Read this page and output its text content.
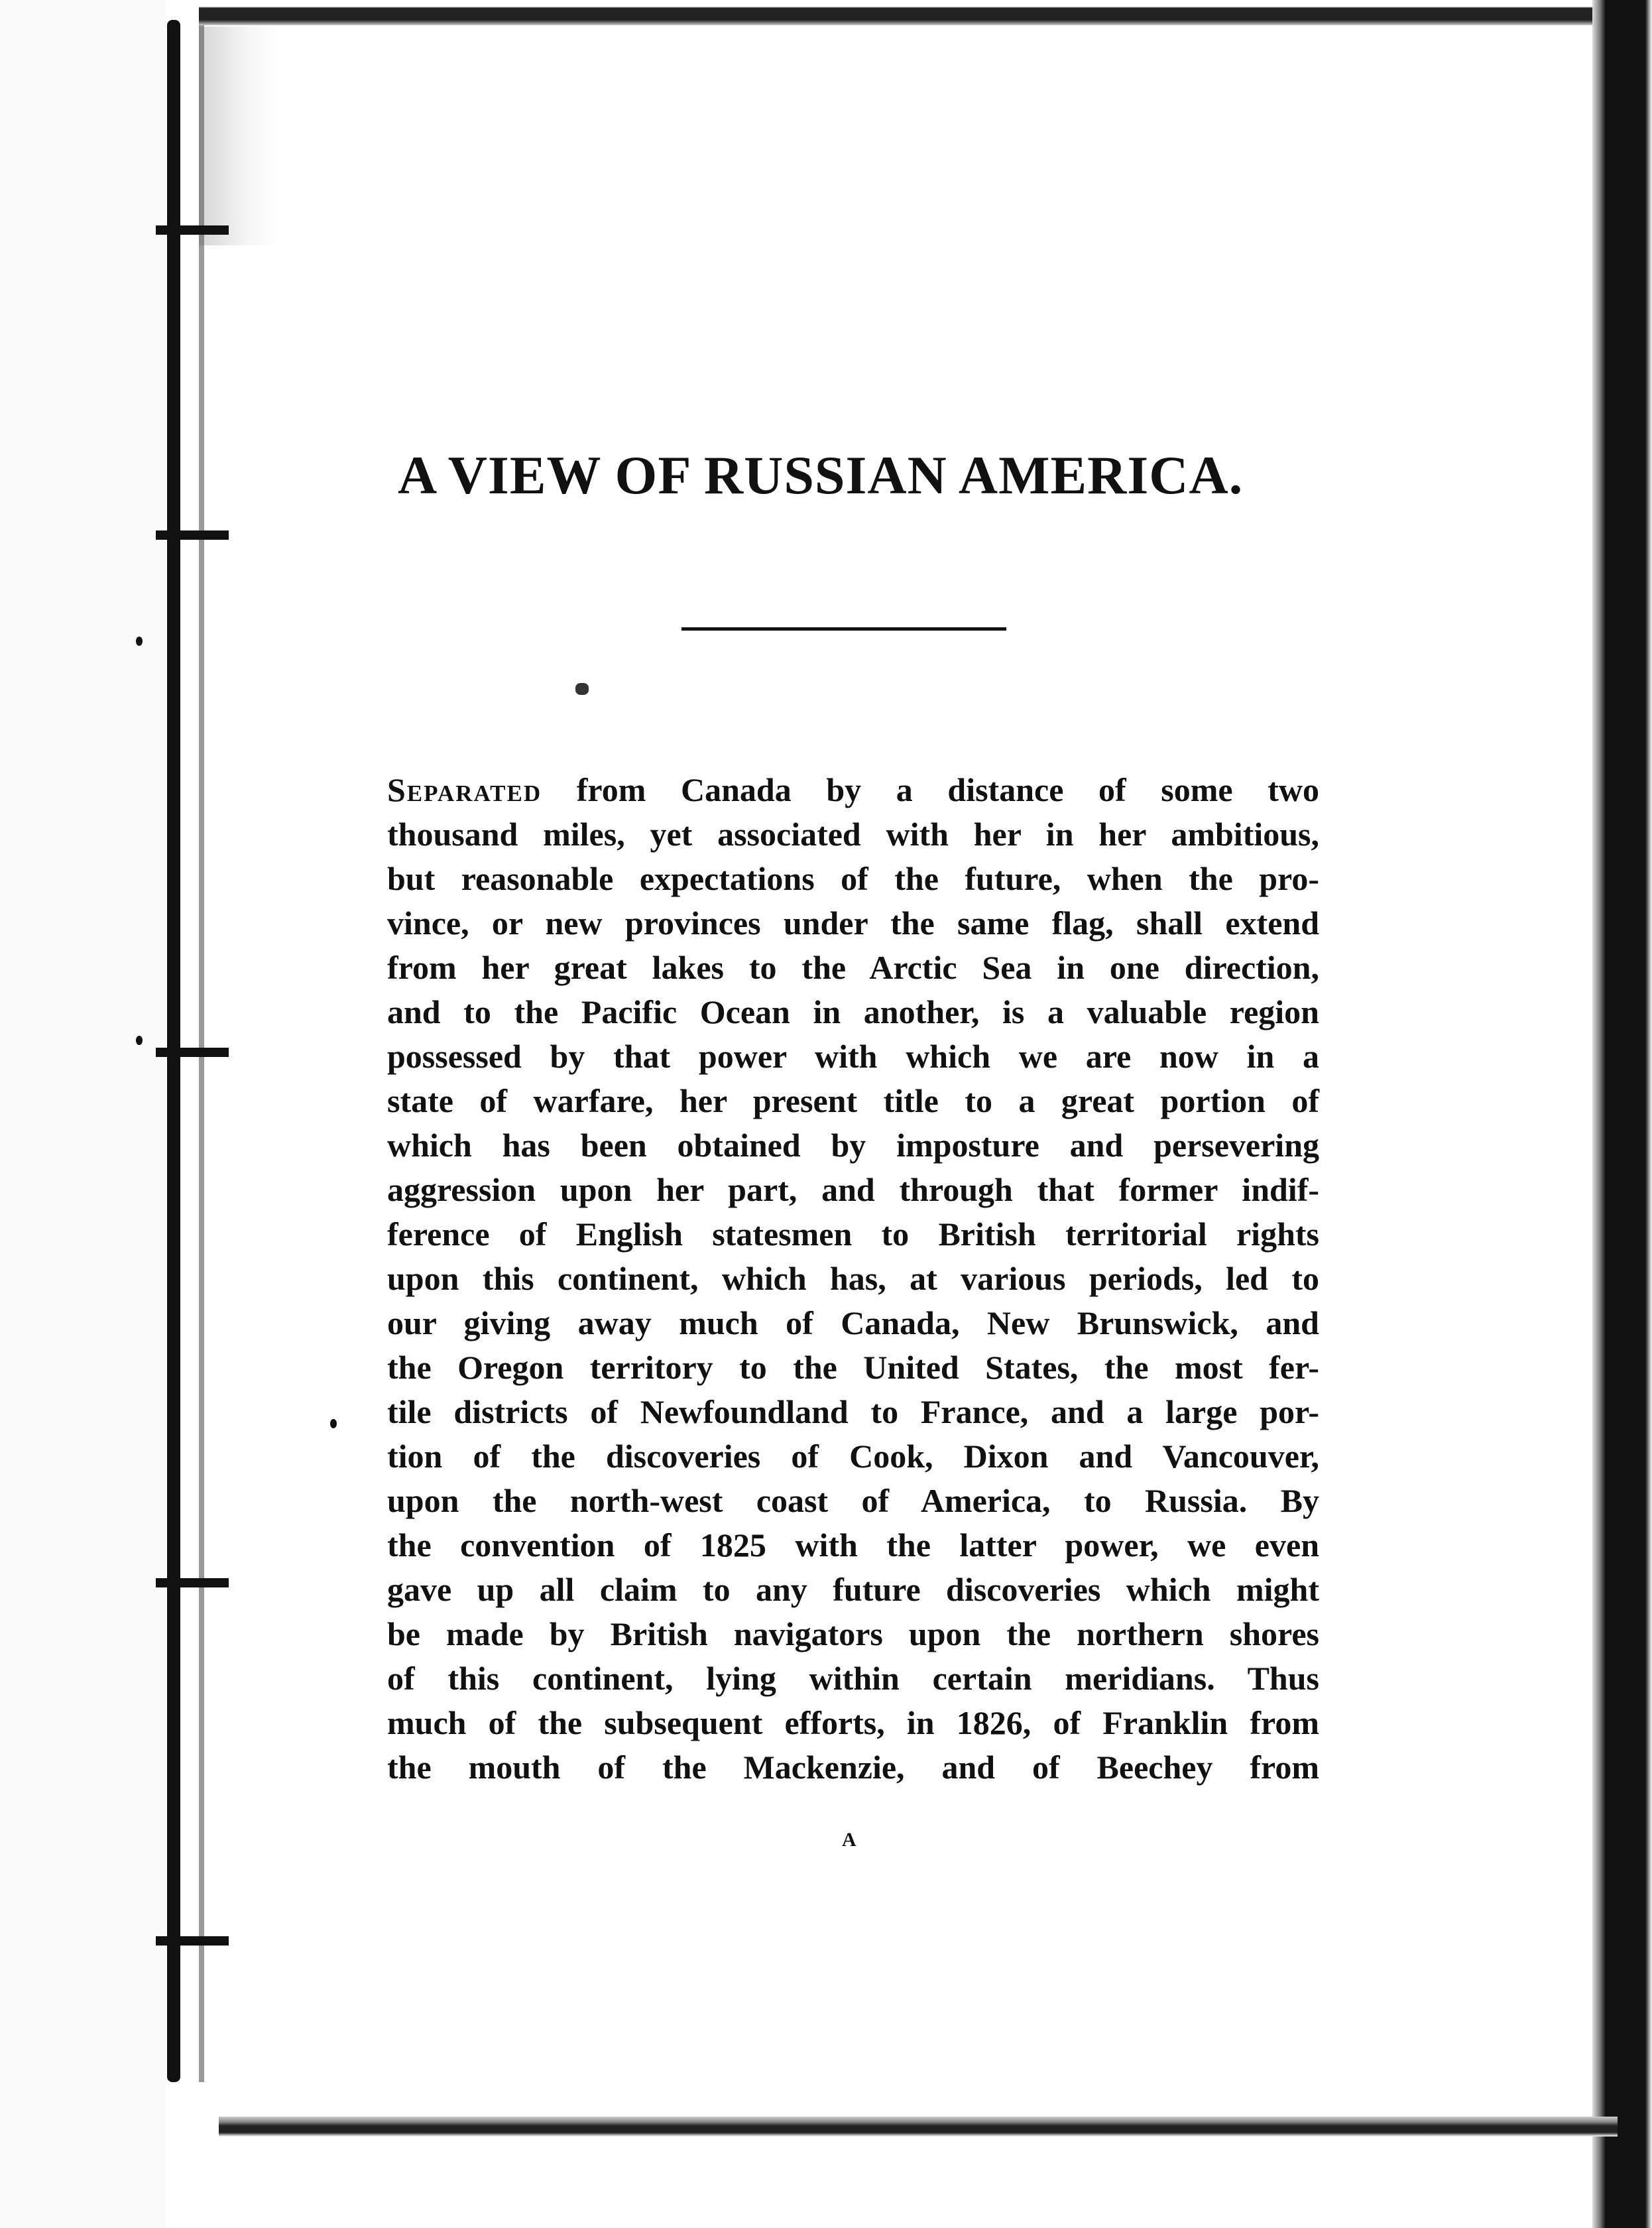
A VIEW OF RUSSIAN AMERICA.
Separated from Canada by a distance of some two
thousand miles, yet associated with her in her ambitious,
but reasonable expectations of the future, when the pro-
vince, or new provinces under the same flag, shall extend
from her great lakes to the Arctic Sea in one direction,
and to the Pacific Ocean in another, is a valuable region
possessed by that power with which we are now in a
state of warfare, her present title to a great portion of
which has been obtained by imposture and persevering
aggression upon her part, and through that former indif-
ference of English statesmen to British territorial rights
upon this continent, which has, at various periods, led to
our giving away much of Canada, New Brunswick, and
the Oregon territory to the United States, the most fer-
tile districts of Newfoundland to France, and a large por-
tion of the discoveries of Cook, Dixon and Vancouver,
upon the north-west coast of America, to Russia. By
the convention of 1825 with the latter power, we even
gave up all claim to any future discoveries which might
be made by British navigators upon the northern shores
of this continent, lying within certain meridians. Thus
much of the subsequent efforts, in 1826, of Franklin from
the mouth of the Mackenzie, and of Beechey from
A
